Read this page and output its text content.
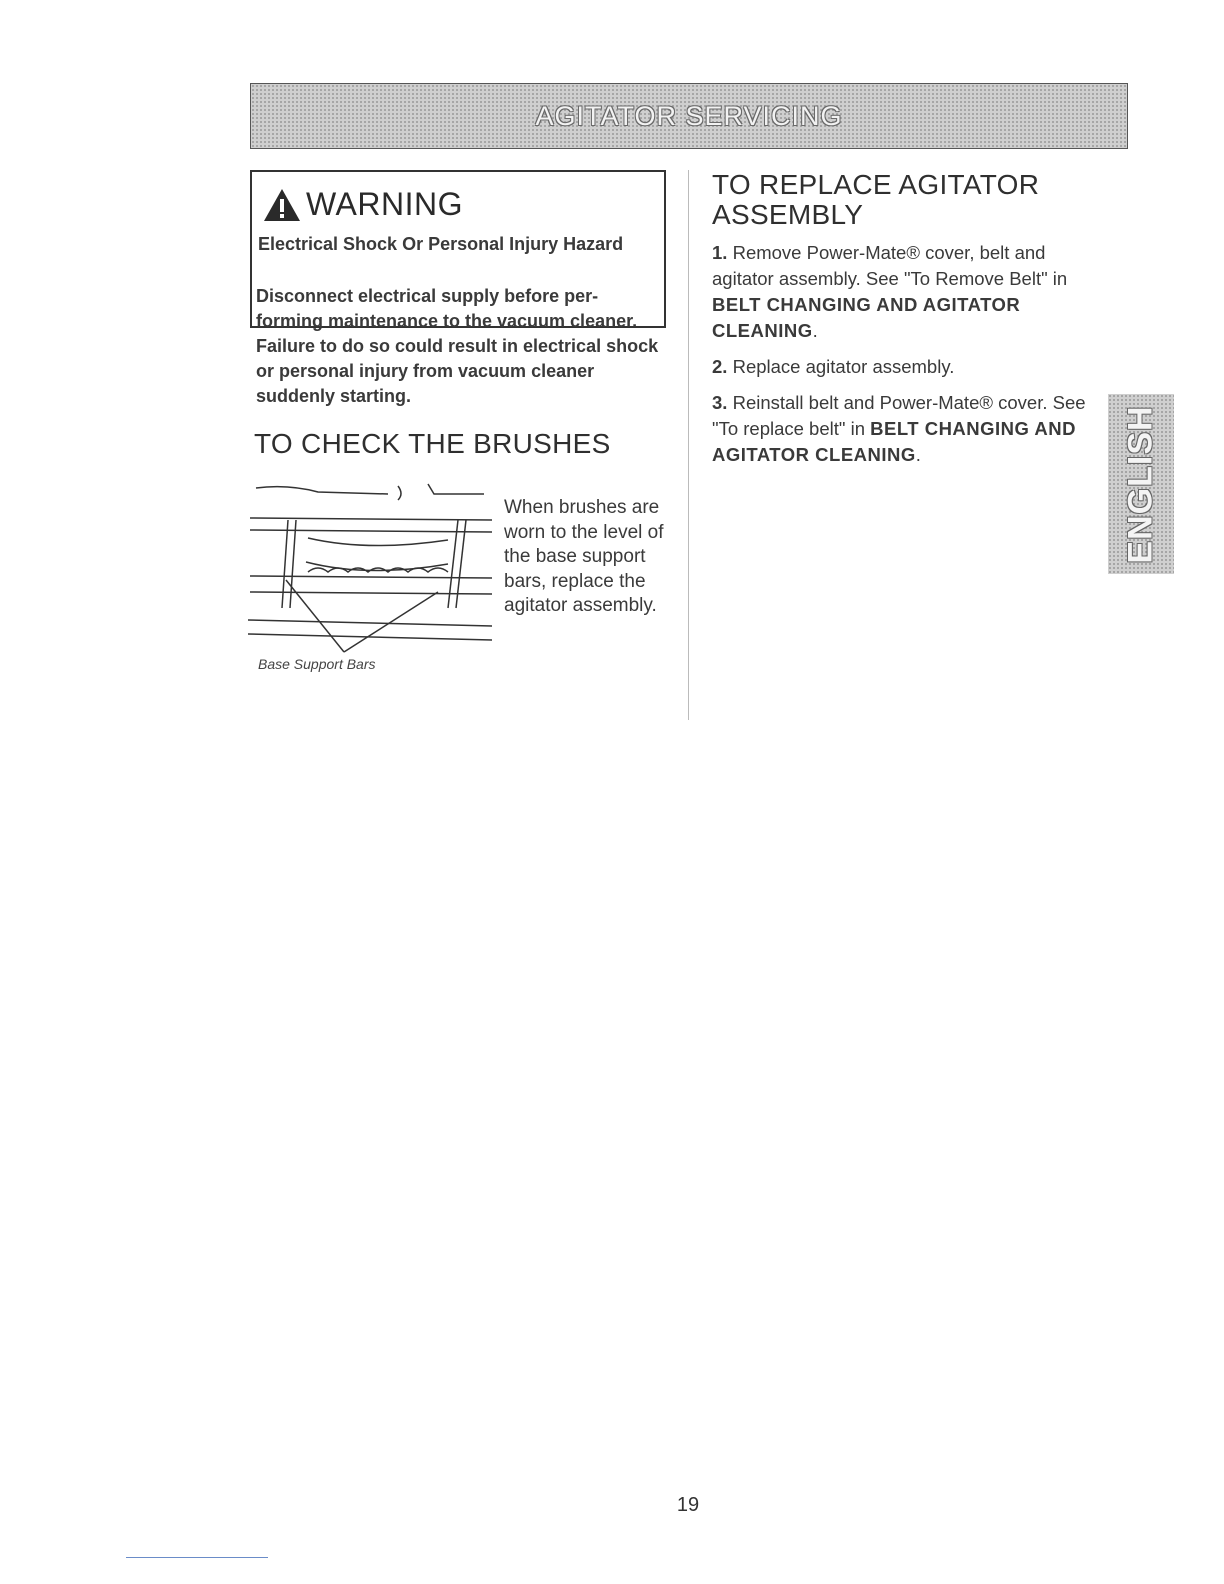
AGITATOR SERVICING
WARNING
Electrical Shock Or Personal Injury Hazard
Disconnect electrical supply before per-forming maintenance to the vacuum cleaner. Failure to do so could result in electrical shock or personal injury from vacuum cleaner suddenly starting.
TO CHECK THE BRUSHES
Base Support Bars
When brushes are worn to the level of the base support bars, replace the agitator assembly.
TO REPLACE AGITATOR ASSEMBLY
1. Remove Power-Mate® cover, belt and agitator assembly. See "To Remove Belt" in BELT CHANGING AND AGITATOR CLEANING.
2. Replace agitator assembly.
3. Reinstall belt and Power-Mate® cover. See "To replace belt" in BELT CHANGING AND AGITATOR CLEANING.	ENGLISH
19
